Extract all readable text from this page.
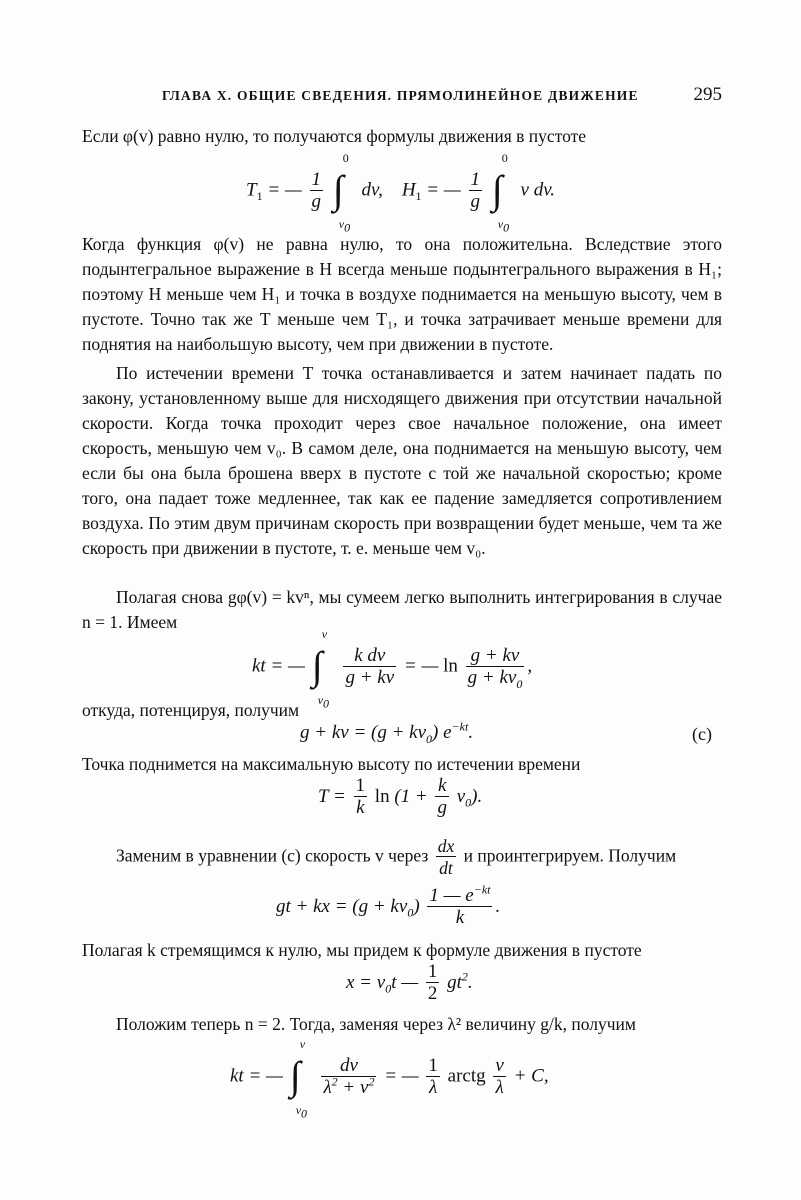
ГЛАВА X. ОБЩИЕ СВЕДЕНИЯ. ПРЯМОЛИНЕЙНОЕ ДВИЖЕНИЕ	295

Если φ(v) равно нулю, то получаются формулы движения в пустоте

$T_1$ = — $\frac{1}{g}$

0
∫
$v_0$
dv,    $H_1$ = — $\frac{1}{g}$

0
∫
$v_0$
v dv.

Когда функция φ(v) не равна нулю, то она положительна. Вследствие этого подынтегральное выражение в H всегда меньше подынтегрального выражения в H₁; поэтому H меньше чем H₁ и точка в воздухе поднимается на меньшую высоту, чем в пустоте. Точно так же T меньше чем T₁, и точка затрачивает меньше времени для поднятия на наибольшую высоту, чем при движении в пустоте.

По истечении времени T точка останавливается и затем начинает падать по закону, установленному выше для нисходящего движения при отсутствии начальной скорости. Когда точка проходит через свое начальное положение, она имеет скорость, меньшую чем v₀. В самом деле, она поднимается на меньшую высоту, чем если бы она была брошена вверх в пустоте с той же начальной скоростью; кроме того, она падает тоже медленнее, так как ее падение замедляется сопротивлением воздуха. По этим двум причинам скорость при возвращении будет меньше, чем та же скорость при движении в пустоте, т. е. меньше чем v₀.

Полагая снова gφ(v) = kvⁿ, мы сумеем легко выполнить интегрирования в случае n = 1. Имеем

kt = —
v
∫
$v_0$

$\frac{\text{k dv}}{g + kv}$ = — $\ln \frac{g + kv}{g + kv_0}$ ,

откуда, потенцируя, получим

g + kv = $(g + kv_0)$ $e^{-kt}$.	(c)

Точка поднимется на максимальную высоту по истечении времени

$T = \frac{1}{k}$ $\ln (1 + \frac{k}{g} v_0)$.

Заменим в уравнении (c) скорость v через $\frac{dx}{dt}$ и проинтегрируем. Получим

gt + kx = $(g + kv_0) \frac{1 — e^{-kt}}{k}$ .

Полагая k стремящимся к нулю, мы придем к формуле движения в пустоте

$x = v_0t$ — $\frac{1}{2} gt^2$.

Положим теперь n = 2. Тогда, заменяя через λ² величину g/k, получим

kt = —
v
∫
$v_0$

$\frac{dv}{\lambda^2 + v^2}$ = — $\frac{1}{\lambda}$ arctg $\frac{v}{\lambda} + C$,
